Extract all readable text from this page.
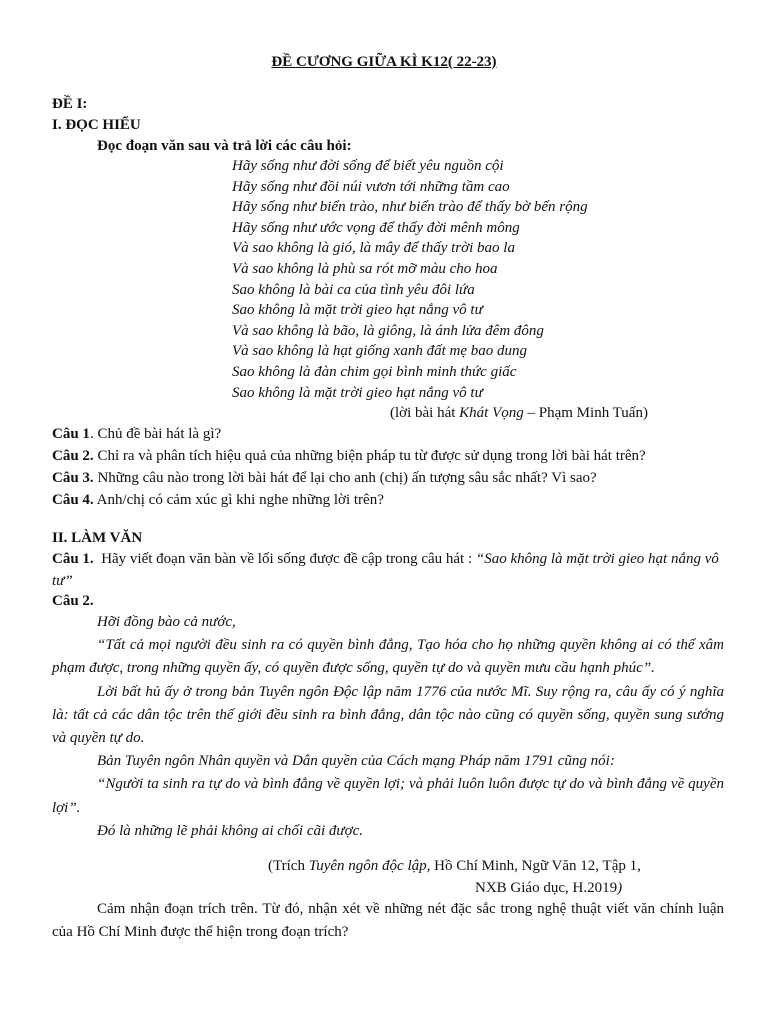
ĐỀ CƯƠNG GIỮA KÌ K12( 22-23)
ĐỀ I:
I. ĐỌC HIỂU
Đọc đoạn văn sau và trả lời các câu hỏi:
Hãy sống như đời sống để biết yêu nguồn cội
Hãy sống như đồi núi vươn tới những tầm cao
Hãy sống như biển trào, như biển trào để thấy bờ bến rộng
Hãy sống như ước vọng để thấy đời mênh mông
Và sao không là gió, là mây để thấy trời bao la
Và sao không là phù sa rót mỡ màu cho hoa
Sao không là bài ca của tình yêu đôi lứa
Sao không là mặt trời gieo hạt nắng vô tư
Và sao không là bão, là giông, là ánh lửa đêm đông
Và sao không là hạt giống xanh đất mẹ bao dung
Sao không là đàn chim gọi bình minh thức giấc
Sao không là mặt trời gieo hạt nắng vô tư
(lời bài hát Khát Vọng – Phạm Minh Tuấn)
Câu 1. Chủ đề bài hát là gì?
Câu 2. Chỉ ra và phân tích hiệu quả của những biện pháp tu từ được sử dụng trong lời bài hát trên?
Câu 3. Những câu nào trong lời bài hát để lại cho anh (chị) ấn tượng sâu sắc nhất? Vì sao?
Câu 4. Anh/chị có cảm xúc gì khi nghe những lời trên?
II. LÀM VĂN
Câu 1.  Hãy viết đoạn văn bàn về lối sống được đề cập trong câu hát : “Sao không là mặt trời gieo hạt nắng vô tư”
Câu 2.
Hỡi đồng bào cả nước,
“Tất cả mọi người đều sinh ra có quyền bình đẳng, Tạo hóa cho họ những quyền không ai có thể xâm phạm được, trong những quyền ấy, có quyền được sống, quyền tự do và quyền mưu cầu hạnh phúc”.
Lời bất hủ ấy ở trong bản Tuyên ngôn Độc lập năm 1776 của nước Mĩ. Suy rộng ra, câu ấy có ý nghĩa là: tất cả các dân tộc trên thế giới đều sinh ra bình đẳng, dân tộc nào cũng có quyền sống, quyền sung sướng và quyền tự do.
Bản Tuyên ngôn Nhân quyền và Dân quyền của Cách mạng Pháp năm 1791 cũng nói:
“Người ta sinh ra tự do và bình đẳng về quyền lợi; và phải luôn luôn được tự do và bình đẳng về quyền lợi”.
Đó là những lẽ phải không ai chối cãi được.
(Trích Tuyên ngôn độc lập, Hồ Chí Minh, Ngữ Văn 12, Tập 1,
NXB Giáo dục, H.2019)
Cảm nhận đoạn trích trên. Từ đó, nhận xét về những nét đặc sắc trong nghệ thuật viết văn chính luận của Hồ Chí Minh được thể hiện trong đoạn trích?
